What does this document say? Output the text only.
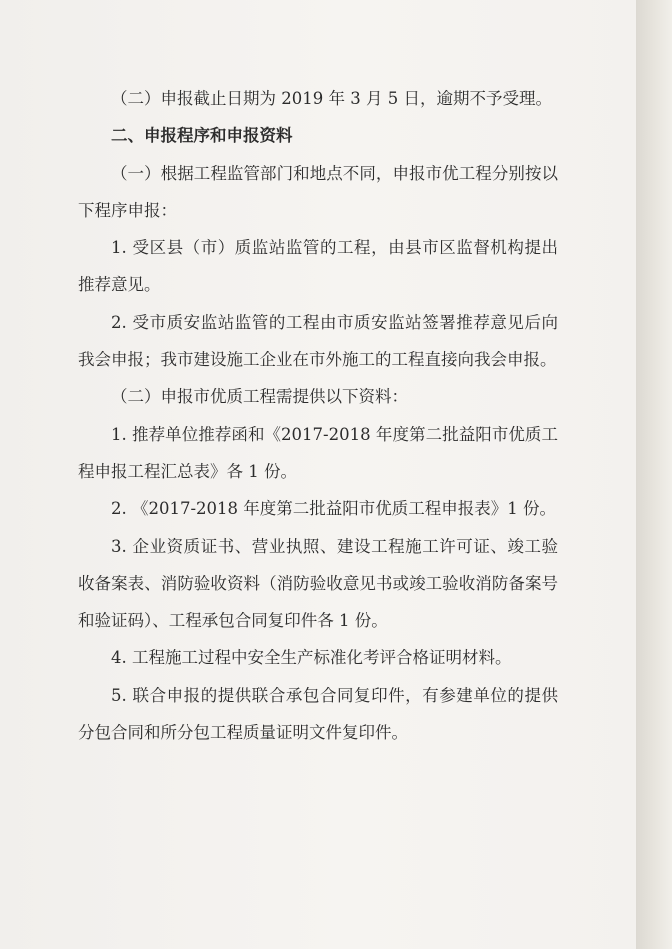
（二）申报截止日期为 2019 年 3 月 5 日，逾期不予受理。

二、申报程序和申报资料

（一）根据工程监管部门和地点不同，申报市优工程分别按以下程序申报：

1. 受区县（市）质监站监管的工程，由县市区监督机构提出推荐意见。

2. 受市质安监站监管的工程由市质安监站签署推荐意见后向我会申报；我市建设施工企业在市外施工的工程直接向我会申报。

（二）申报市优质工程需提供以下资料：

1. 推荐单位推荐函和《2017-2018 年度第二批益阳市优质工程申报工程汇总表》各 1 份。

2. 《2017-2018 年度第二批益阳市优质工程申报表》1 份。

3. 企业资质证书、营业执照、建设工程施工许可证、竣工验收备案表、消防验收资料（消防验收意见书或竣工验收消防备案号和验证码）、工程承包合同复印件各 1 份。

4. 工程施工过程中安全生产标准化考评合格证明材料。

5. 联合申报的提供联合承包合同复印件，有参建单位的提供分包合同和所分包工程质量证明文件复印件。
